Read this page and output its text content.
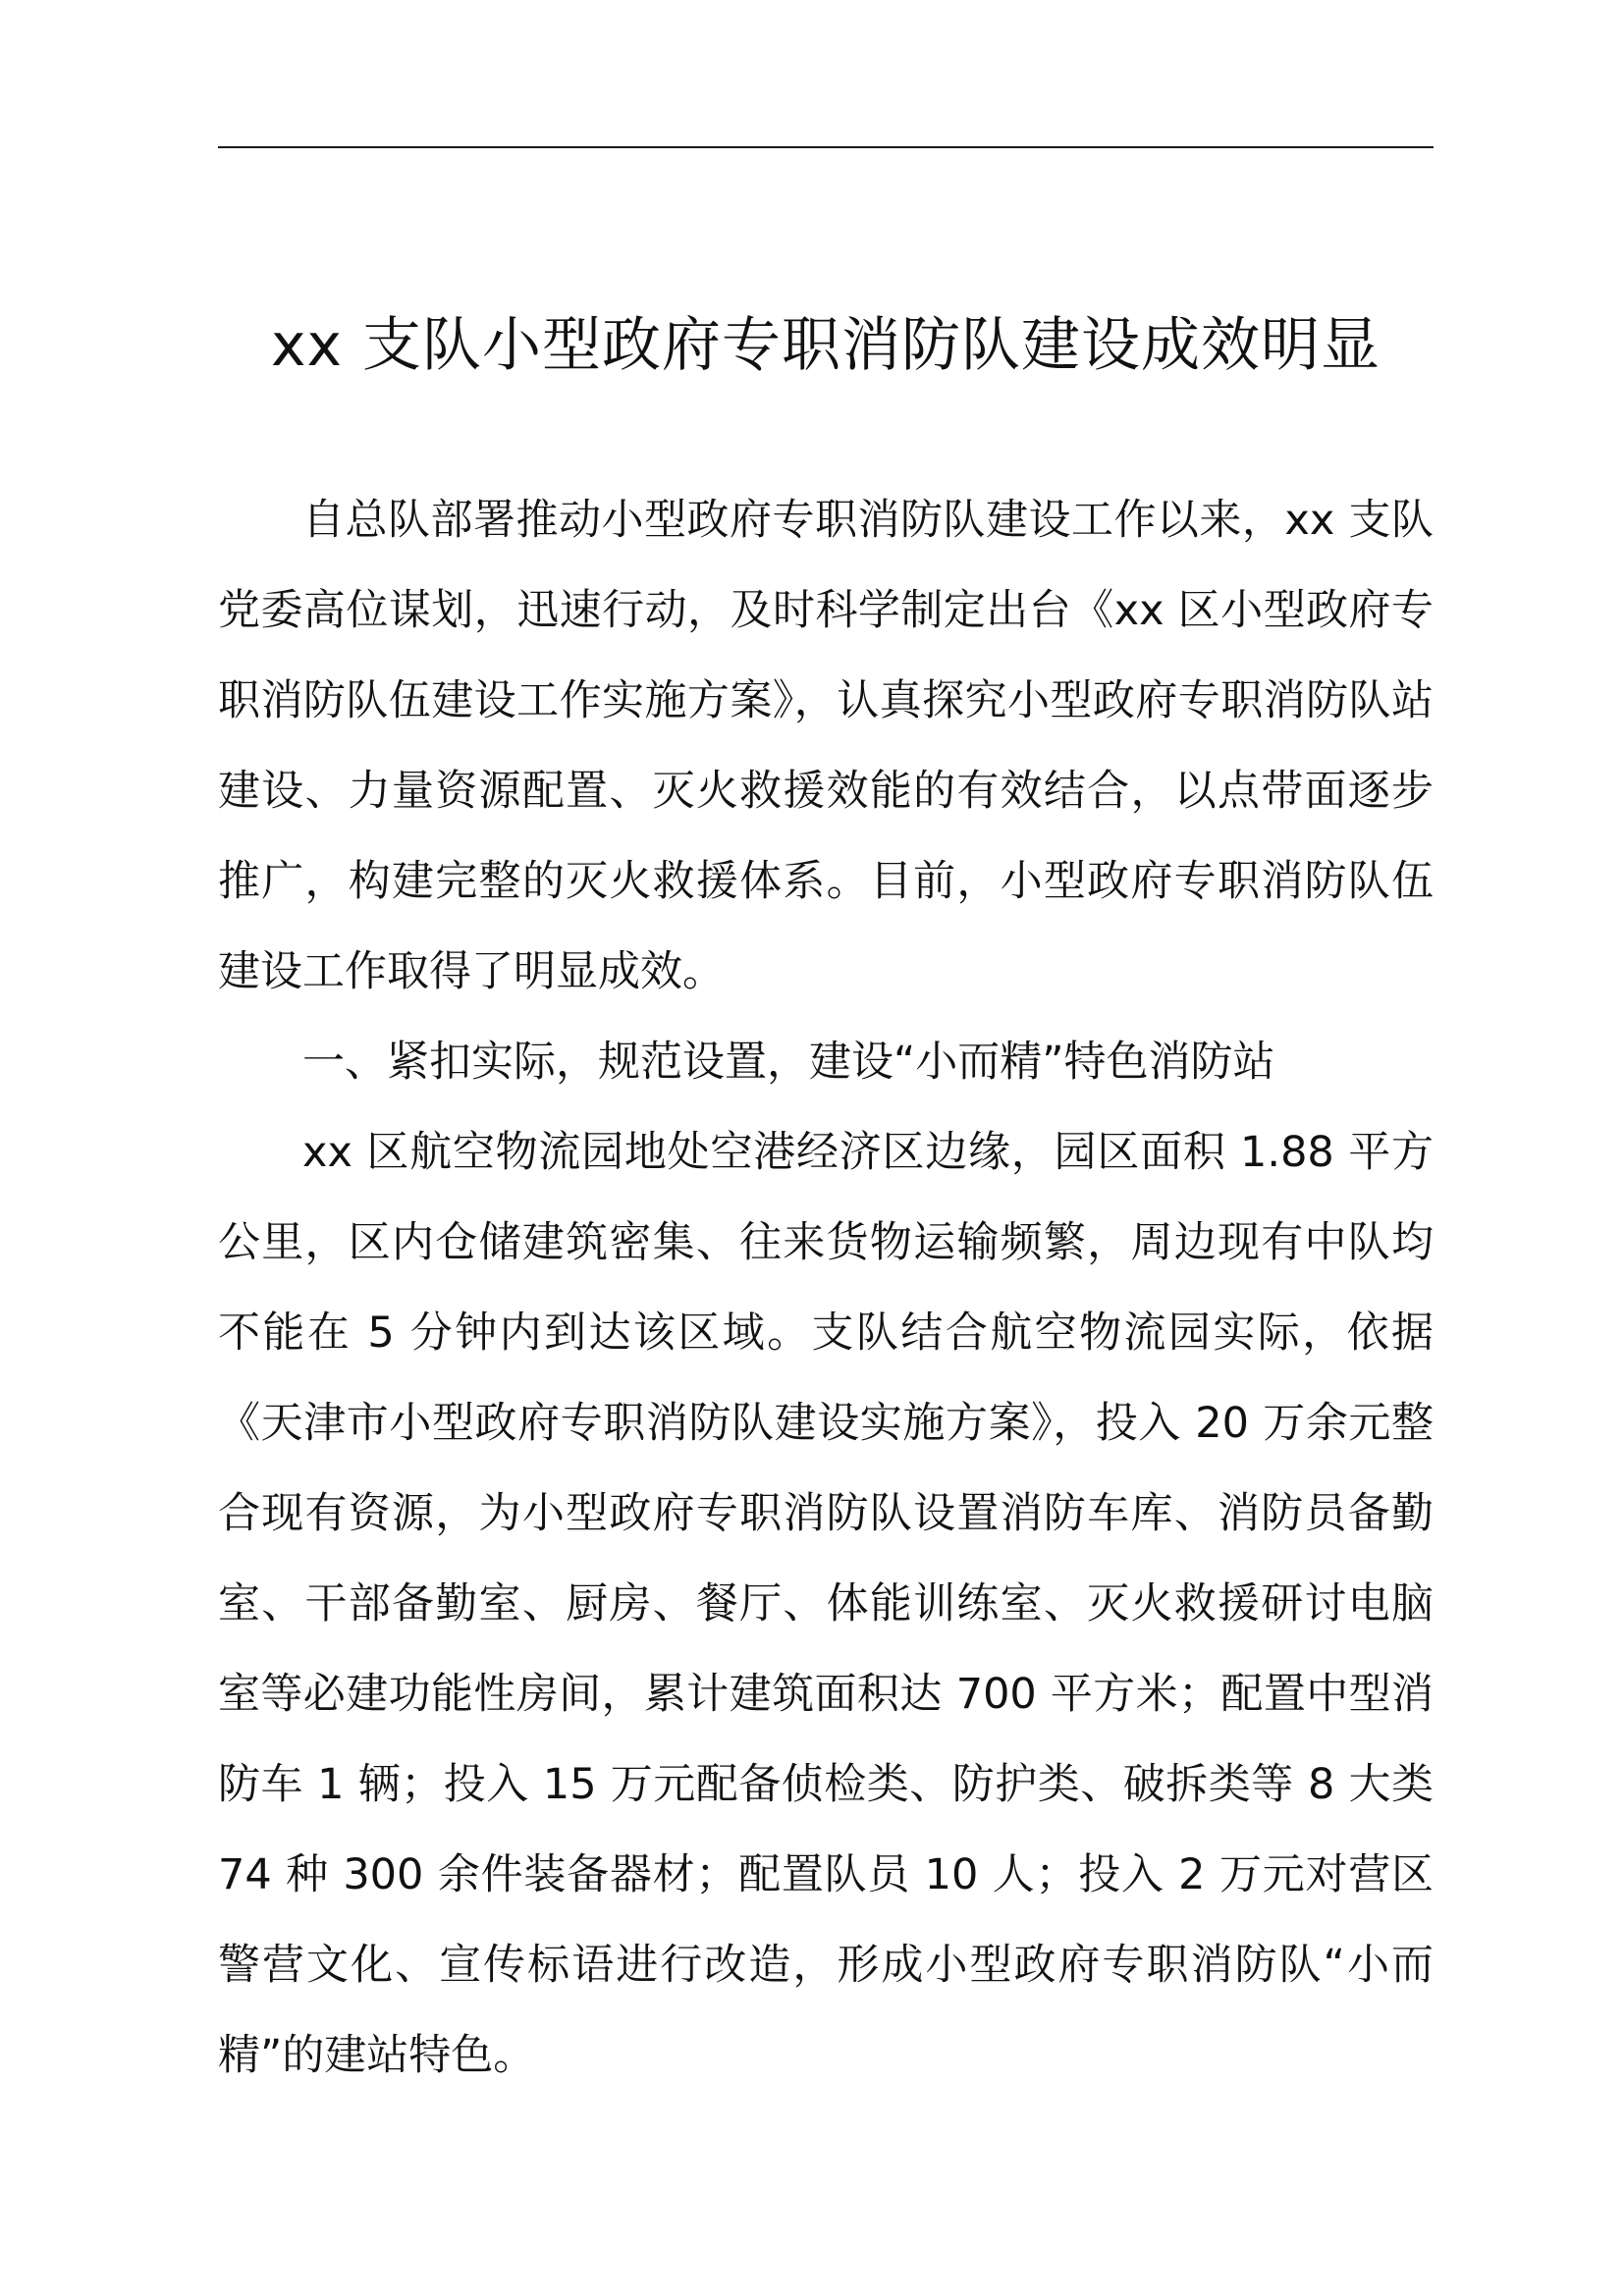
xx 支队小型政府专职消防队建设成效明显

自总队部署推动小型政府专职消防队建设工作以来，xx 支队党委高位谋划，迅速行动，及时科学制定出台《xx 区小型政府专职消防队伍建设工作实施方案》，认真探究小型政府专职消防队站建设、力量资源配置、灭火救援效能的有效结合，以点带面逐步推广，构建完整的灭火救援体系。目前，小型政府专职消防队伍建设工作取得了明显成效。

一、紧扣实际，规范设置，建设“小而精”特色消防站

xx 区航空物流园地处空港经济区边缘，园区面积 1.88 平方公里，区内仓储建筑密集、往来货物运输频繁，周边现有中队均不能在 5 分钟内到达该区域。支队结合航空物流园实际，依据《天津市小型政府专职消防队建设实施方案》，投入 20 万余元整合现有资源，为小型政府专职消防队设置消防车库、消防员备勤室、干部备勤室、厨房、餐厅、体能训练室、灭火救援研讨电脑室等必建功能性房间，累计建筑面积达 700 平方米；配置中型消防车 1 辆；投入 15 万元配备侦检类、防护类、破拆类等 8 大类 74 种 300 余件装备器材；配置队员 10 人；投入 2 万元对营区警营文化、宣传标语进行改造，形成小型政府专职消防队“小而精”的建站特色。
